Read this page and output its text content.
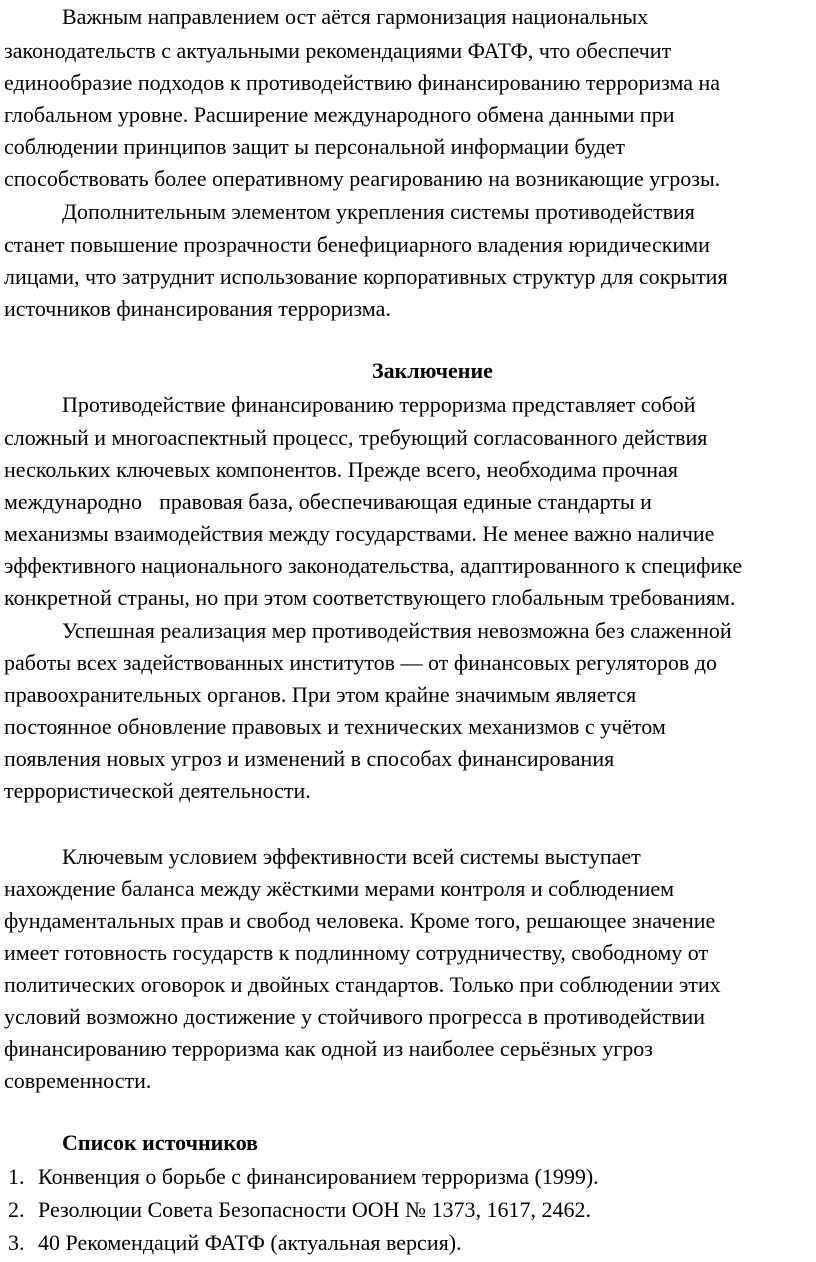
Важным направлением ост аётся гармонизация национальных
законодательств с актуальными рекомендациями ФАТФ, что обеспечит
единообразие подходов к противодействию финансированию терроризма на
глобальном уровне. Расширение международного обмена данными при
соблюдении принципов защит ы персональной информации будет
способствовать более оперативному реагированию на возникающие угрозы.
Дополнительным элементом укрепления системы противодействия
станет повышение прозрачности бенефициарного владения юридическими
лицами, что затруднит использование корпоративных структур для сокрытия
источников финансирования терроризма.
Заключение
Противодействие финансированию терроризма представляет собой
сложный и многоаспектный процесс, требующий согласованного действия
нескольких ключевых компонентов. Прежде всего, необходима прочная
международно правовая база, обеспечивающая единые стандарты и
механизмы взаимодействия между государствами. Не менее важно наличие
эффективного национального законодательства, адаптированного к специфике
конкретной страны, но при этом соответствующего глобальным требованиям.
Успешная реализация мер противодействия невозможна без слаженной
работы всех задействованных институтов — от финансовых регуляторов до
правоохранительных органов. При этом крайне значимым является
постоянное обновление правовых и технических механизмов с учётом
появления новых угроз и изменений в способах финансирования
террористической деятельности.
Ключевым условием эффективности всей системы выступает
нахождение баланса между жёсткими мерами контроля и соблюдением
фундаментальных прав и свобод человека. Кроме того, решающее значение
имеет готовность государств к подлинному сотрудничеству, свободному от
политических оговорок и двойных стандартов. Только при соблюдении этих
условий возможно достижение у стойчивого прогресса в противодействии
финансированию терроризма как одной из наиболее серьёзных угроз
современности.
Список источников
1. Конвенция о борьбе с финансированием терроризма (1999).
2. Резолюции Совета Безопасности ООН № 1373, 1617, 2462.
3. 40 Рекомендаций ФАТФ (актуальная версия).
